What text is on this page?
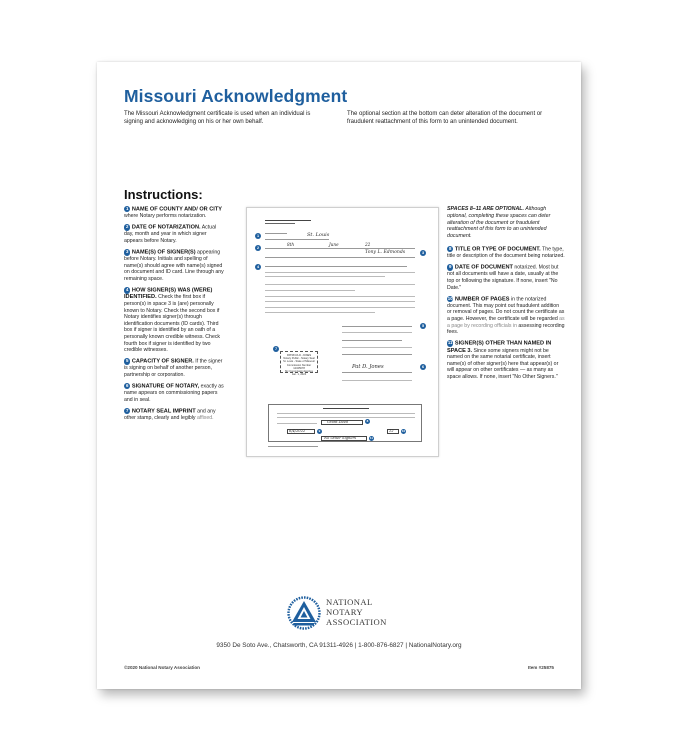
Missouri Acknowledgment
The Missouri Acknowledgment certificate is used when an individual is signing and acknowledging on his or her own behalf.
The optional section at the bottom can deter alteration of the document or fraudulent reattachment of this form to an unintended document.
Instructions:
1 NAME OF COUNTY AND/ OR CITY where Notary performs notarization.
2 DATE OF NOTARIZATION. Actual day, month and year in which signer appears before Notary.
3 NAME(S) OF SIGNER(S) appearing before Notary. Initials and spelling of name(s) should agree with name(s) signed on document and ID card. Line through any remaining space.
4 HOW SIGNER(S) WAS (WERE) IDENTIFIED. Check the first box if person(s) in space 3 is (are) personally known to Notary. Check the second box if Notary identifies signer(s) through identification documents (ID cards). Third box if signer is identified by an oath of a personally known credible witness. Check fourth box if signer is identified by two credible witnesses.
5 CAPACITY OF SIGNER. If the signer is signing on behalf of another person, partnership or corporation.
6 SIGNATURE OF NOTARY, exactly as name appears on commissioning papers and in seal.
7 NOTARY SEAL IMPRINT and any other stamp, clearly and legibly affixed.
1	St. Louis
2
8th	June	22
3
Tony L. Edmonds
4
5
7
PATRICIA D. JONES
Notary Public - Notary Seal
St. Louis - State of Missouri
Commission Number 12345678
My Commission Expires Jan. 1, 2024
6
Pat D. Jones
Grant Deed	8
6/4/2022	9	12	10
No Other Signers	11
SPACES 8–11 ARE OPTIONAL. Although optional, completing these spaces can deter alteration of the document or fraudulent reattachment of this form to an unintended document.
8 TITLE OR TYPE OF DOCUMENT. The type, title or description of the document being notarized.
9 DATE OF DOCUMENT notarized. Most but not all documents will have a date, usually at the top or following the signature. If none, insert "No Date."
10 NUMBER OF PAGES in the notarized document. This may point out fraudulent addition or removal of pages. Do not count the certificate as a page. However, the certificate will be regarded as a page by recording officials in assessing recording fees.
11 SIGNER(S) OTHER THAN NAMED IN SPACE 3. Since some signers might not be named on the same notarial certificate, insert name(s) of other signer(s) here that appear(s) or will appear on other certificates — as many as space allows. If none, insert "No Other Signers."
NATIONAL
NOTARY
ASSOCIATION
9350 De Soto Ave., Chatsworth, CA 91311-4926 | 1-800-876-6827 | NationalNotary.org
©2020 National Notary Association	Item #25875
